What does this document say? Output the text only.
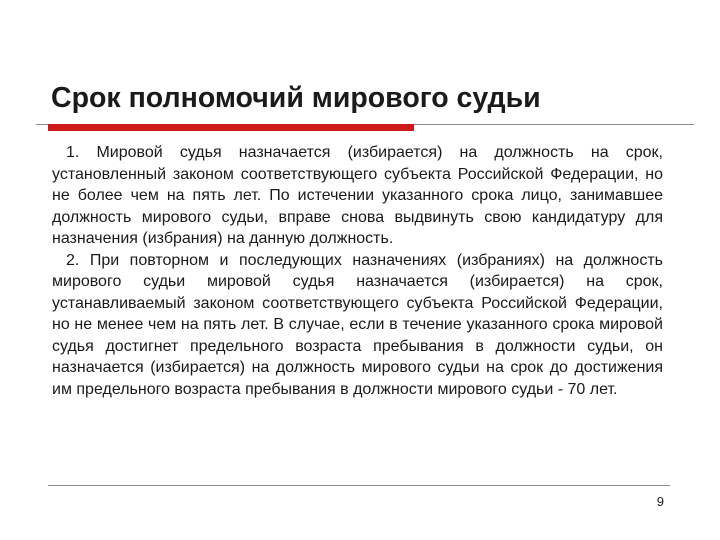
Срок полномочий мирового судьи

1. Мировой судья назначается (избирается) на должность на срок, установленный законом соответствующего субъекта Российской Федерации, но не более чем на пять лет. По истечении указанного срока лицо, занимавшее должность мирового судьи, вправе снова выдвинуть свою кандидатуру для назначения (избрания) на данную должность.

2. При повторном и последующих назначениях (избраниях) на должность мирового судьи мировой судья назначается (избирается) на срок, устанавливаемый законом соответствующего субъекта Российской Федерации, но не менее чем на пять лет. В случае, если в течение указанного срока мировой судья достигнет предельного возраста пребывания в должности судьи, он назначается (избирается) на должность мирового судьи на срок до достижения им предельного возраста пребывания в должности мирового судьи - 70 лет.

9
